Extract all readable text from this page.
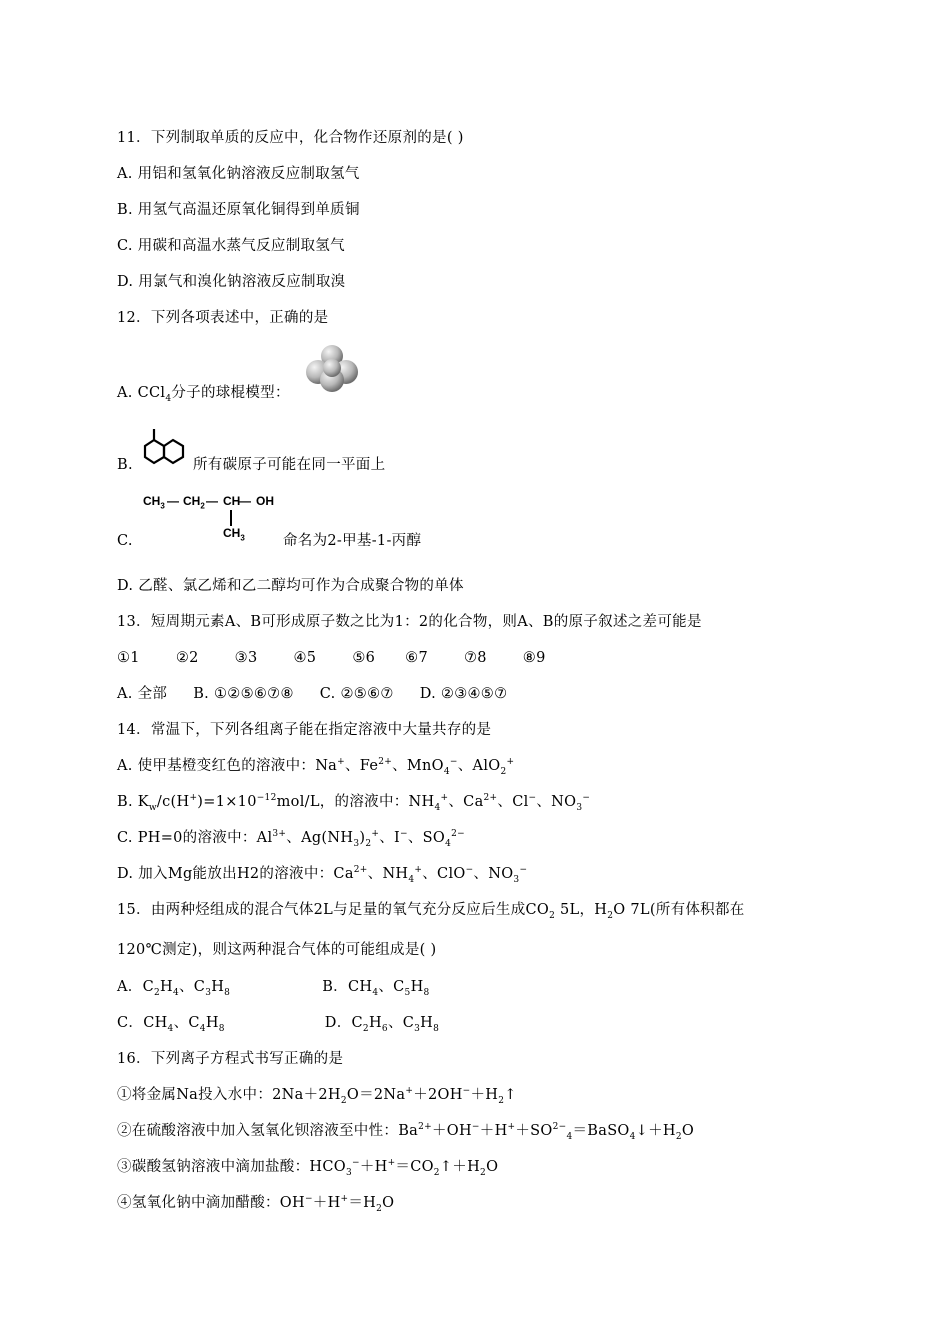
11．下列制取单质的反应中，化合物作还原剂的是( )
A. 用铝和氢氧化钠溶液反应制取氢气
B. 用氢气高温还原氧化铜得到单质铜
C. 用碳和高温水蒸气反应制取氢气
D. 用氯气和溴化钠溶液反应制取溴
12．下列各项表述中，正确的是
A. CCl$_4$分子的球棍模型：
B.	所有碳原子可能在同一平面上
$CH_3$ — $CH_2$ — CH
— OH
$CH_3$
C.	命名为2-甲基-1-丙醇
D. 乙醛、氯乙烯和乙二醇均可作为合成聚合物的单体
13．短周期元素A、B可形成原子数之比为1：2的化合物，则A、B的原子叙述之差可能是
①1 ②2 ③3 ④5 ⑤6 ⑥7 ⑦8 ⑧9
A. 全部 B. ①②⑤⑥⑦⑧ C. ②⑤⑥⑦ D. ②③④⑤⑦
14．常温下，下列各组离子能在指定溶液中大量共存的是
A. 使甲基橙变红色的溶液中：Na+、$Fe^{2+}$、MnO$_4$−、AlO$_2$+
B. $K_w/c(H^+)=1\times 10^{-12}mol/L$，的溶液中：$NH_4^+$、$Ca^{2+}$、Cl−、$NO_3^-$
C. PH=0的溶液中：$Al^{3+}$、$Ag(NH_3)_2^+$、I−、$SO_4^{2-}$
D. 加入Mg能放出H2的溶液中：$Ca^{2+}$、$NH_4^+$、ClO−、$NO_3^-$
15．由两种烃组成的混合气体2L与足量的氧气充分反应后生成$CO_2$ 5L，$H_2O$ 7L(所有体积都在
120℃测定)，则这两种混合气体的可能组成是( )
A．$C_2H_4$、$C_3H_8$	B．$CH_4$、$C_5H_8$
C．$CH_4$、$C_4H_8$	D．$C_2H_6$、$C_3H_8$
16．下列离子方程式书写正确的是
①将金属Na投入水中：$2Na+2H_2O=2Na^++2OH^-+H_2↑$
②在硫酸溶液中加入氢氧化钡溶液至中性：$Ba^{2+}+OH^-+H^++SO^{2-}_4=BaSO_4↓+H_2O$
③碳酸氢钠溶液中滴加盐酸：$HCO_3^-+H^+=CO_2↑+H_2O$
④氢氧化钠中滴加醋酸：$OH^-+H^+=H_2O$
